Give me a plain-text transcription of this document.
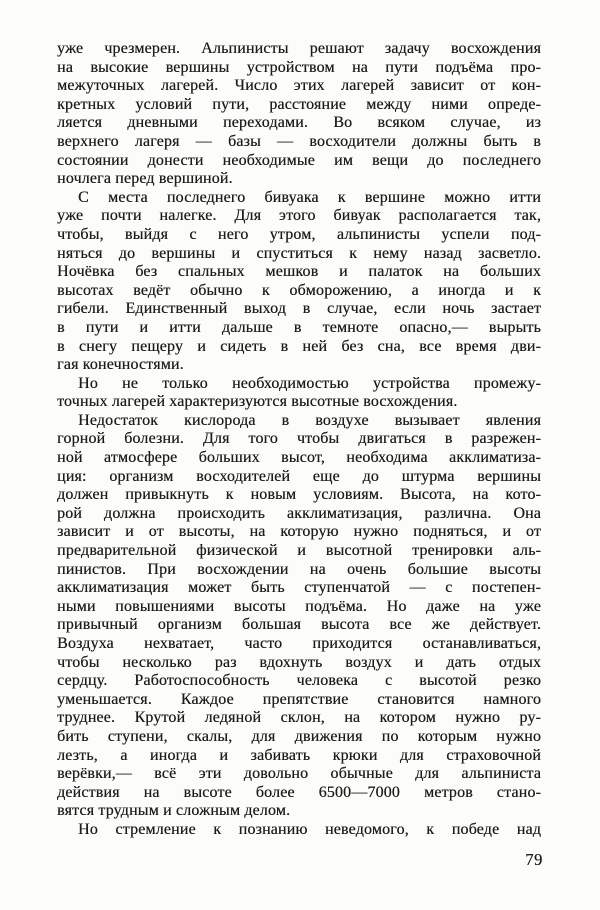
уже чрезмерен. Альпинисты решают задачу восхождения
на высокие вершины устройством на пути подъёма про-
межуточных лагерей. Число этих лагерей зависит от кон-
кретных условий пути, расстояние между ними опреде-
ляется дневными переходами. Во всяком случае, из
верхнего лагеря — базы — восходители должны быть в
состоянии донести необходимые им вещи до последнего
ночлега перед вершиной.
С места последнего бивуака к вершине можно итти
уже почти налегке. Для этого бивуак располагается так,
чтобы, выйдя с него утром, альпинисты успели под-
няться до вершины и спуститься к нему назад засветло.
Ночёвка без спальных мешков и палаток на больших
высотах ведёт обычно к обморожению, а иногда и к
гибели. Единственный выход в случае, если ночь застает
в пути и итти дальше в темноте опасно,— вырыть
в снегу пещеру и сидеть в ней без сна, все время дви-
гая конечностями.
Но не только необходимостью устройства промежу-
точных лагерей характеризуются высотные восхождения.
Недостаток кислорода в воздухе вызывает явления
горной болезни. Для того чтобы двигаться в разрежен-
ной атмосфере больших высот, необходима акклиматиза-
ция: организм восходителей еще до штурма вершины
должен привыкнуть к новым условиям. Высота, на кото-
рой должна происходить акклиматизация, различна. Она
зависит и от высоты, на которую нужно подняться, и от
предварительной физической и высотной тренировки аль-
пинистов. При восхождении на очень большие высоты
акклиматизация может быть ступенчатой — с постепен-
ными повышениями высоты подъёма. Но даже на уже
привычный организм большая высота все же действует.
Воздуха нехватает, часто приходится останавливаться,
чтобы несколько раз вдохнуть воздух и дать отдых
сердцу. Работоспособность человека с высотой резко
уменьшается. Каждое препятствие становится намного
труднее. Крутой ледяной склон, на котором нужно ру-
бить ступени, скалы, для движения по которым нужно
лезть, а иногда и забивать крюки для страховочной
верёвки,— всё эти довольно обычные для альпиниста
действия на высоте более 6500—7000 метров стано-
вятся трудным и сложным делом.
Но стремление к познанию неведомого, к победе над
79
